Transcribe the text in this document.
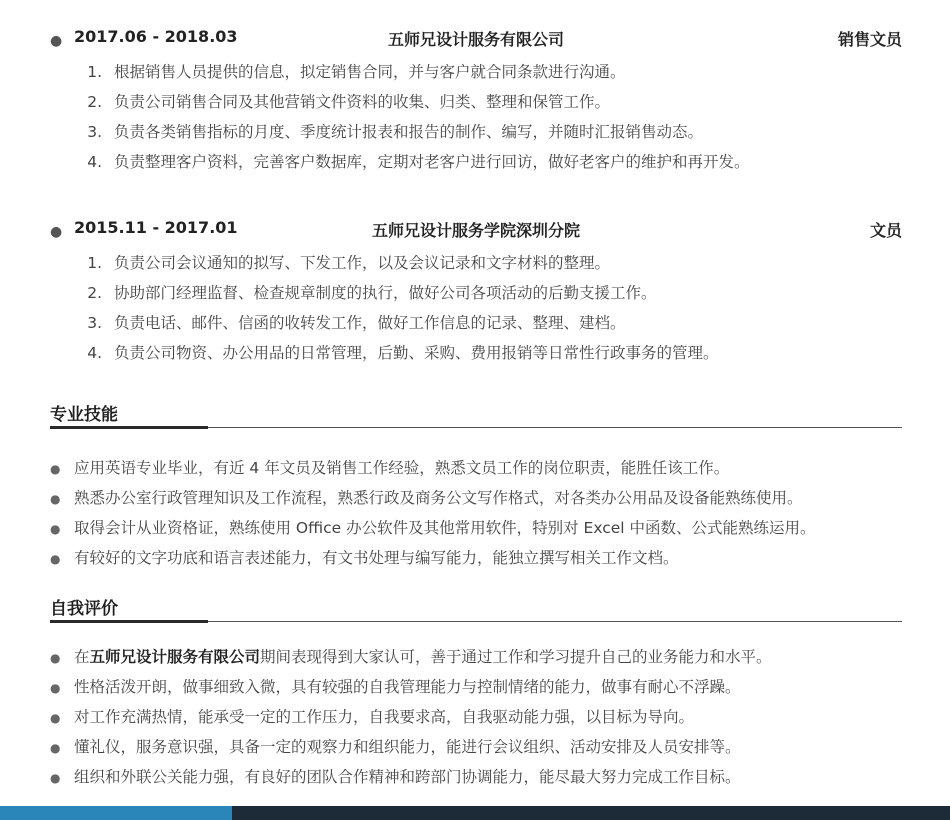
● 2017.06 - 2018.03	五师兄设计服务有限公司	销售文员
1 . 根据销售人员提供的信息，拟定销售合同，并与客户就合同条款进行沟通。
2 . 负责公司销售合同及其他营销文件资料的收集、归类、整理和保管工作。
3 . 负责各类销售指标的月度、季度统计报表和报告的制作、编写，并随时汇报销售动态。
4 . 负责整理客户资料，完善客户数据库，定期对老客户进行回访，做好老客户的维护和再开发。
● 2015.11 - 2017.01	五师兄设计服务学院深圳分院	文员
1 . 负责公司会议通知的拟写、下发工作，以及会议记录和文字材料的整理。
2 . 协助部门经理监督、检查规章制度的执行，做好公司各项活动的后勤支援工作。
3 . 负责电话、邮件、信函的收转发工作，做好工作信息的记录、整理、建档。
4 . 负责公司物资、办公用品的日常管理，后勤、采购、费用报销等日常性行政事务的管理。
专业技能
● 应用英语专业毕业，有近 4 年文员及销售工作经验，熟悉文员工作的岗位职责，能胜任该工作。
● 熟悉办公室行政管理知识及工作流程，熟悉行政及商务公文写作格式，对各类办公用品及设备能熟练使用。
● 取得会计从业资格证，熟练使用 Office 办公软件及其他常用软件，特别对 Excel 中函数、公式能熟练运用。
● 有较好的文字功底和语言表述能力，有文书处理与编写能力，能独立撰写相关工作文档。
自我评价
● 在五师兄设计服务有限公司期间表现得到大家认可，善于通过工作和学习提升自己的业务能力和水平。
● 性格活泼开朗，做事细致入微，具有较强的自我管理能力与控制情绪的能力，做事有耐心不浮躁。
● 对工作充满热情，能承受一定的工作压力，自我要求高，自我驱动能力强，以目标为导向。
● 懂礼仪，服务意识强，具备一定的观察力和组织能力，能进行会议组织、活动安排及人员安排等。
● 组织和外联公关能力强，有良好的团队合作精神和跨部门协调能力，能尽最大努力完成工作目标。
